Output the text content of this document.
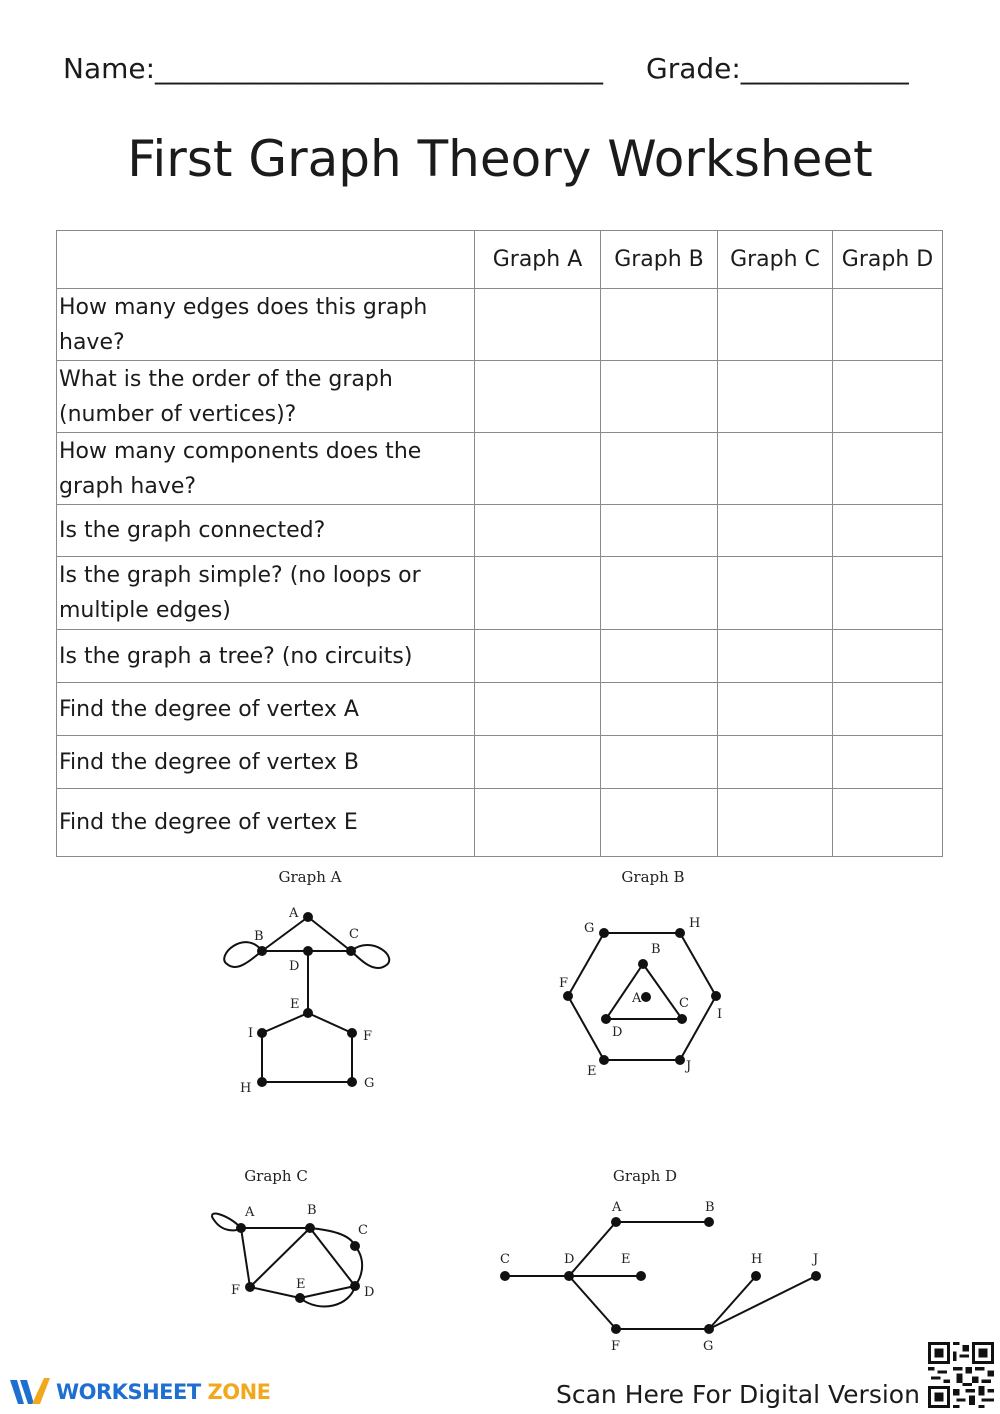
Name:________________________________ Grade:____________
First Graph Theory Worksheet
	Graph A	Graph B	Graph C	Graph D
How many edges does this graph
have?				
What is the order of the graph
(number of vertices)?				
How many components does the
graph have?				
Is the graph connected?				
Is the graph simple? (no loops or
multiple edges)				
Is the graph a tree? (no circuits)				
Find the degree of vertex A				
Find the degree of vertex B				
Find the degree of vertex E				
Graph A	Graph B
Graph C	Graph D
A
B	C
D
E
F
G
H
I
A
B
C
D
E
F
G	H
I
J
A	B
C
D
E
F
A	B
C	D	E
F	G
H	J
WORKSHEET ZONE	Scan Here For Digital Version
